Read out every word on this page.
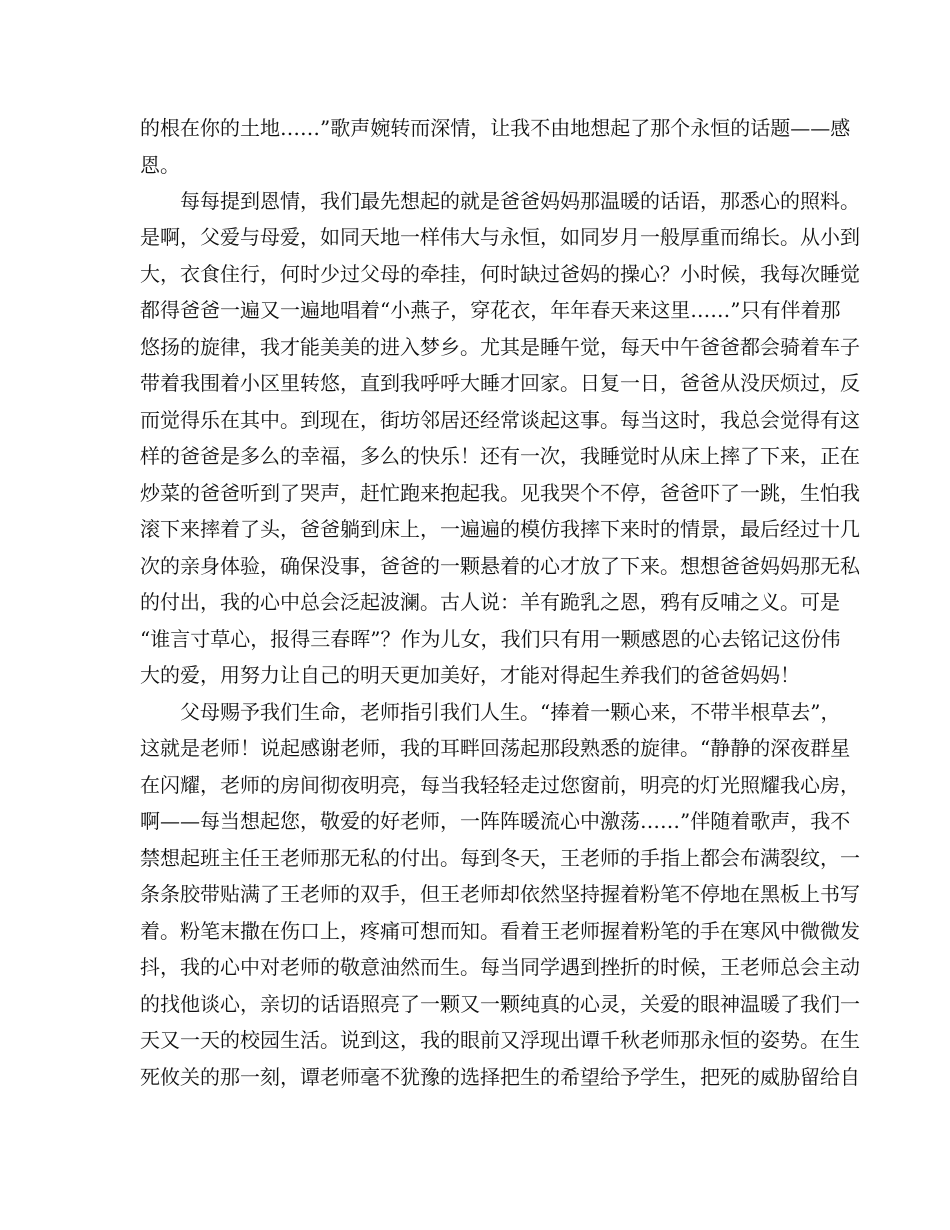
的根在你的土地……”歌声婉转而深情，让我不由地想起了那个永恒的话题——感
恩。
每每提到恩情，我们最先想起的就是爸爸妈妈那温暖的话语，那悉心的照料。
是啊，父爱与母爱，如同天地一样伟大与永恒，如同岁月一般厚重而绵长。从小到
大，衣食住行，何时少过父母的牵挂，何时缺过爸妈的操心？小时候，我每次睡觉
都得爸爸一遍又一遍地唱着“小燕子，穿花衣，年年春天来这里……”只有伴着那
悠扬的旋律，我才能美美的进入梦乡。尤其是睡午觉，每天中午爸爸都会骑着车子
带着我围着小区里转悠，直到我呼呼大睡才回家。日复一日，爸爸从没厌烦过，反
而觉得乐在其中。到现在，街坊邻居还经常谈起这事。每当这时，我总会觉得有这
样的爸爸是多么的幸福，多么的快乐！还有一次，我睡觉时从床上摔了下来，正在
炒菜的爸爸听到了哭声，赶忙跑来抱起我。见我哭个不停，爸爸吓了一跳，生怕我
滚下来摔着了头，爸爸躺到床上，一遍遍的模仿我摔下来时的情景，最后经过十几
次的亲身体验，确保没事，爸爸的一颗悬着的心才放了下来。想想爸爸妈妈那无私
的付出，我的心中总会泛起波澜。古人说：羊有跪乳之恩，鸦有反哺之义。可是
“谁言寸草心，报得三春晖”？作为儿女，我们只有用一颗感恩的心去铭记这份伟
大的爱，用努力让自己的明天更加美好，才能对得起生养我们的爸爸妈妈！
父母赐予我们生命，老师指引我们人生。“捧着一颗心来，不带半根草去”，
这就是老师！说起感谢老师，我的耳畔回荡起那段熟悉的旋律。“静静的深夜群星
在闪耀，老师的房间彻夜明亮，每当我轻轻走过您窗前，明亮的灯光照耀我心房，
啊——每当想起您，敬爱的好老师，一阵阵暖流心中激荡……”伴随着歌声，我不
禁想起班主任王老师那无私的付出。每到冬天，王老师的手指上都会布满裂纹，一
条条胶带贴满了王老师的双手，但王老师却依然坚持握着粉笔不停地在黑板上书写
着。粉笔末撒在伤口上，疼痛可想而知。看着王老师握着粉笔的手在寒风中微微发
抖，我的心中对老师的敬意油然而生。每当同学遇到挫折的时候，王老师总会主动
的找他谈心，亲切的话语照亮了一颗又一颗纯真的心灵，关爱的眼神温暖了我们一
天又一天的校园生活。说到这，我的眼前又浮现出谭千秋老师那永恒的姿势。在生
死攸关的那一刻，谭老师毫不犹豫的选择把生的希望给予学生，把死的威胁留给自
